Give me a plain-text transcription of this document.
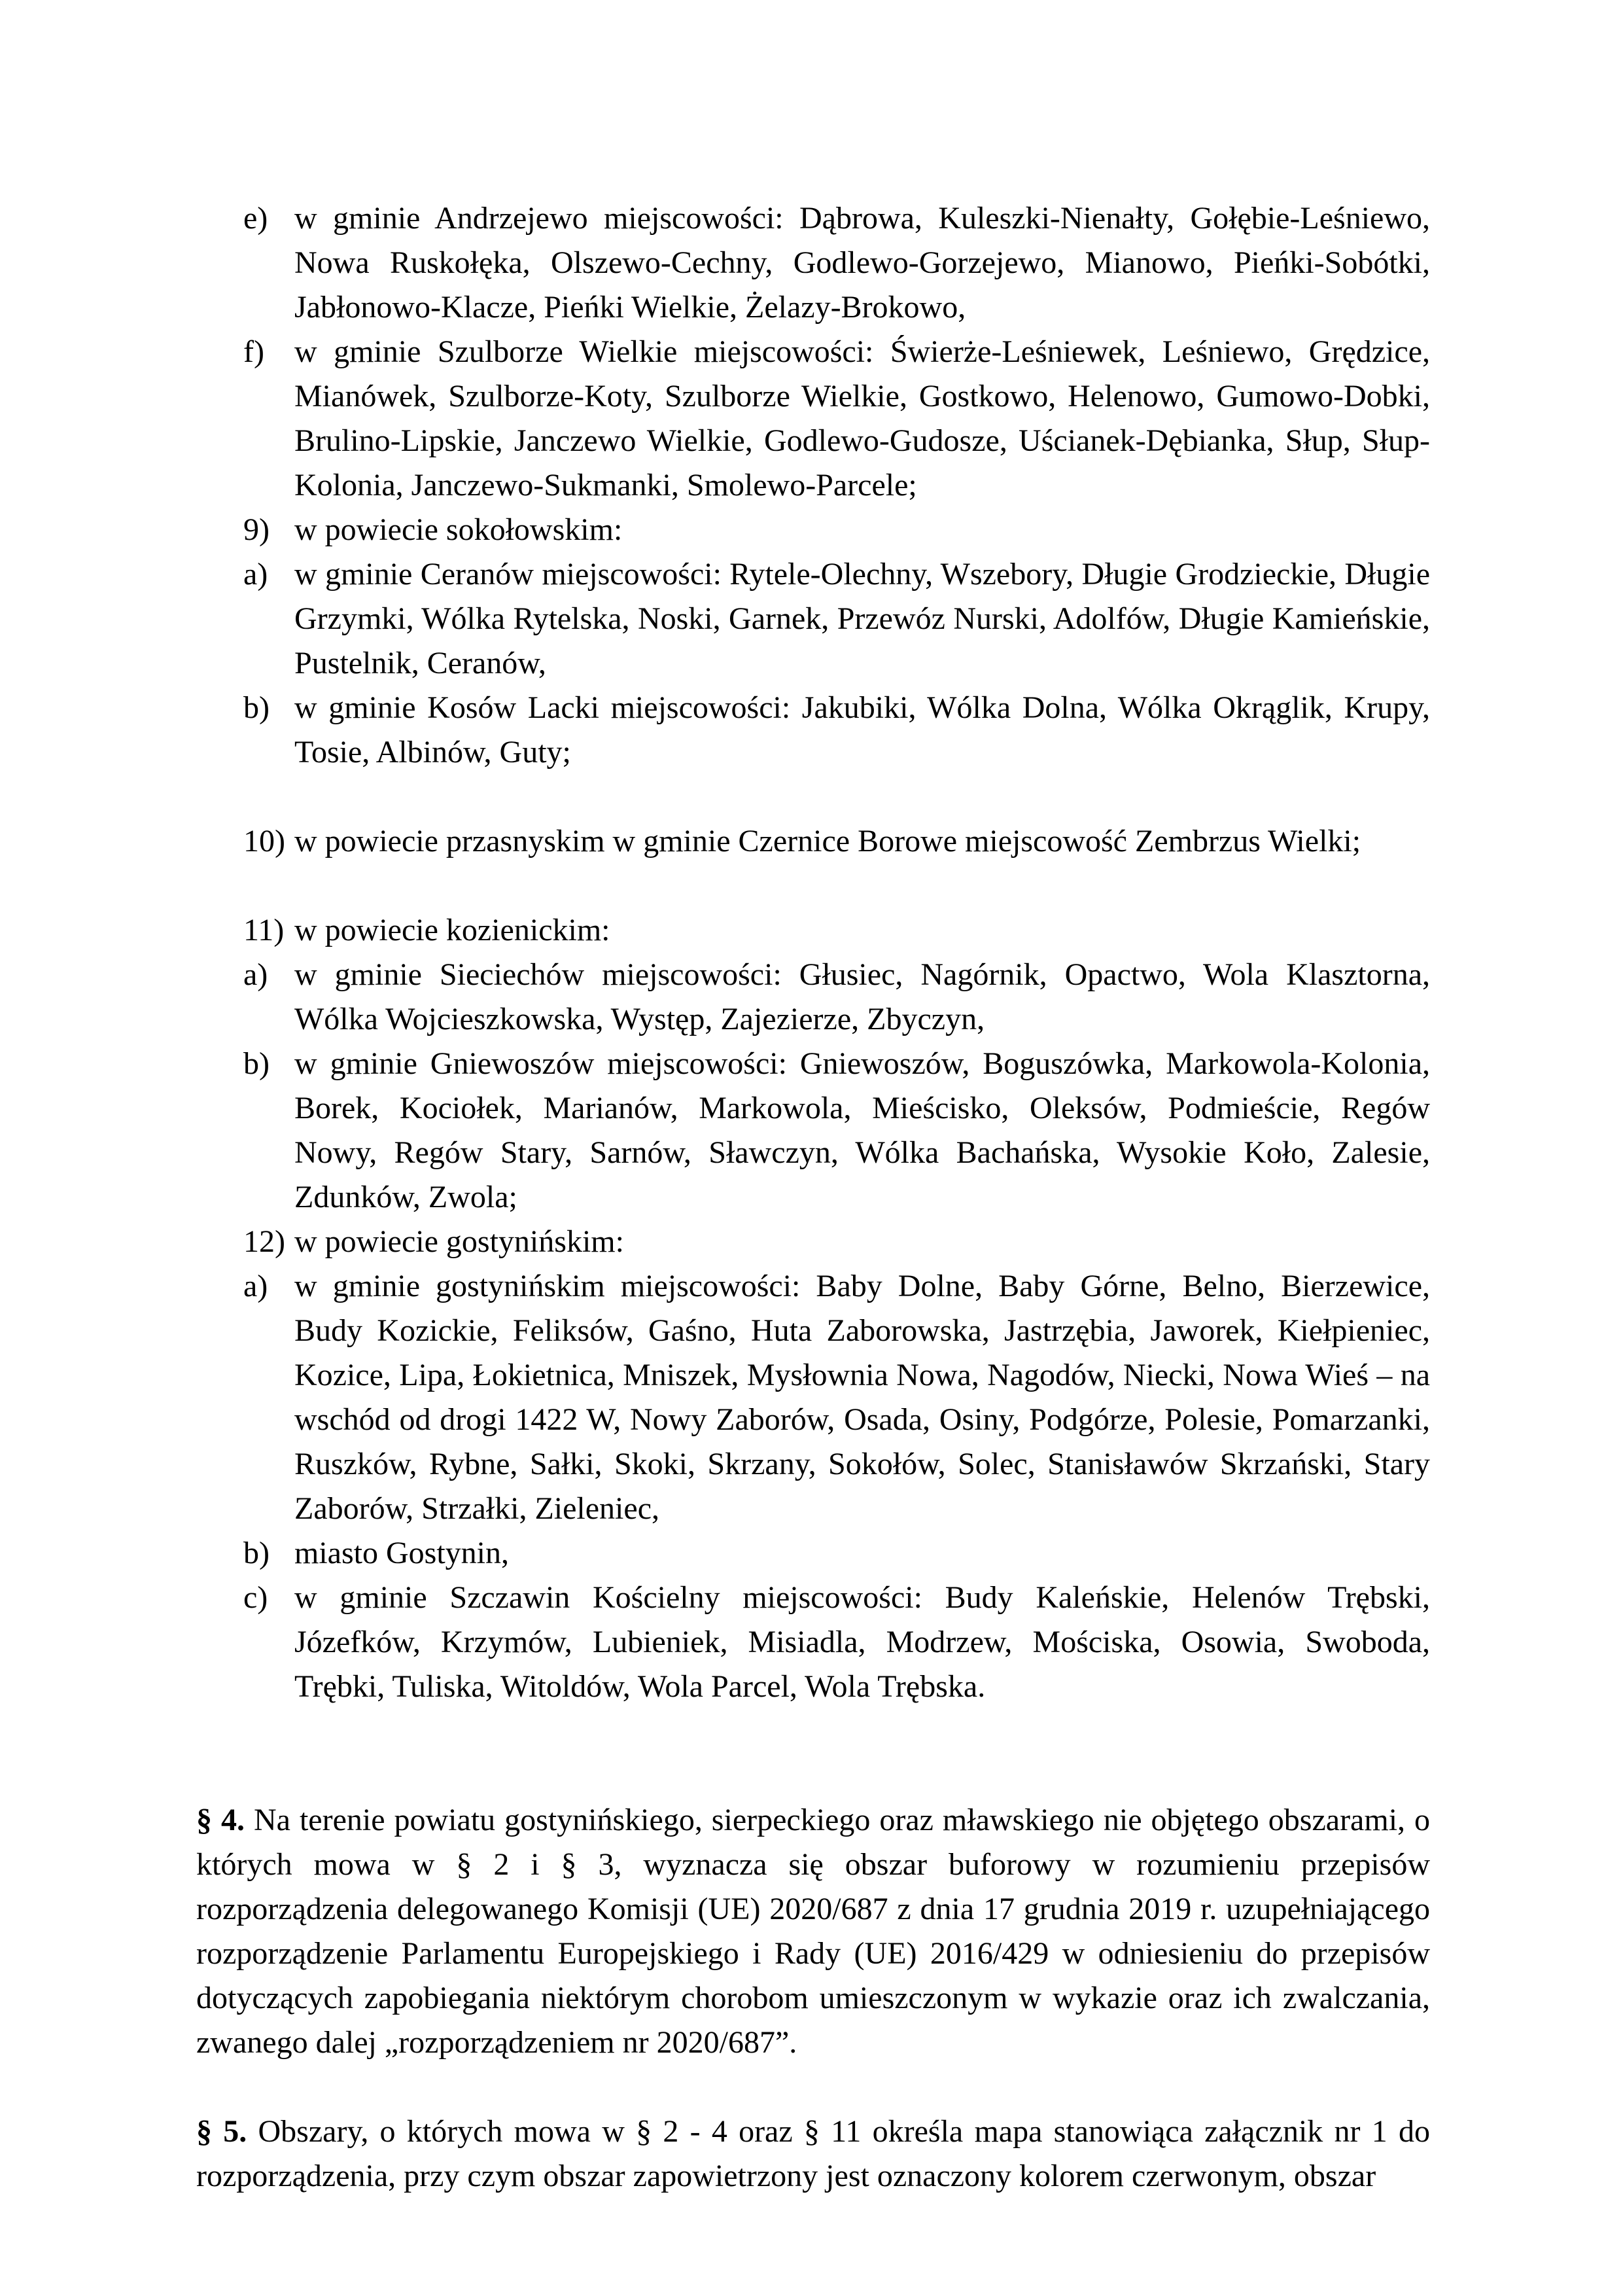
e) w gminie Andrzejewo miejscowości: Dąbrowa, Kuleszki-Nienałty, Gołębie-Leśniewo, Nowa Ruskołęka, Olszewo-Cechny, Godlewo-Gorzejewo, Mianowo, Pieńki-Sobótki, Jabłonowo-Klacze, Pieńki Wielkie, Żelazy-Brokowo,
f) w gminie Szulborze Wielkie miejscowości: Świerże-Leśniewek, Leśniewo, Grędzice, Mianówek, Szulborze-Koty, Szulborze Wielkie, Gostkowo, Helenowo, Gumowo-Dobki, Brulino-Lipskie, Janczewo Wielkie, Godlewo-Gudosze, Uścianek-Dębianka, Słup, Słup-Kolonia, Janczewo-Sukmanki, Smolewo-Parcele;
9) w powiecie sokołowskim:
a) w gminie Ceranów miejscowości: Rytele-Olechny, Wszebory, Długie Grodzieckie, Długie Grzymki, Wólka Rytelska, Noski, Garnek, Przewóz Nurski, Adolfów, Długie Kamieńskie, Pustelnik, Ceranów,
b) w gminie Kosów Lacki miejscowości: Jakubiki, Wólka Dolna, Wólka Okrąglik, Krupy, Tosie, Albinów, Guty;
10) w powiecie przasnyskim w gminie Czernice Borowe miejscowość Zembrzus Wielki;
11) w powiecie kozienickim:
a) w gminie Sieciechów miejscowości: Głusiec, Nagórnik, Opactwo, Wola Klasztorna, Wólka Wojcieszkowska, Występ, Zajezierze, Zbyczyn,
b) w gminie Gniewoszów miejscowości: Gniewoszów, Boguszówka, Markowola-Kolonia, Borek, Kociołek, Marianów, Markowola, Mieścisko, Oleksów, Podmieście, Regów Nowy, Regów Stary, Sarnów, Sławczyn, Wólka Bachańska, Wysokie Koło, Zalesie, Zdunków, Zwola;
12) w powiecie gostynińskim:
a) w gminie gostynińskim miejscowości: Baby Dolne, Baby Górne, Belno, Bierzewice, Budy Kozickie, Feliksów, Gaśno, Huta Zaborowska, Jastrzębia, Jaworek, Kiełpieniec, Kozice, Lipa, Łokietnica, Mniszek, Mysłownia Nowa, Nagodów, Niecki, Nowa Wieś – na wschód od drogi 1422 W, Nowy Zaborów, Osada, Osiny, Podgórze, Polesie, Pomarzanki, Ruszków, Rybne, Sałki, Skoki, Skrzany, Sokołów, Solec, Stanisławów Skrzański, Stary Zaborów, Strzałki, Zieleniec,
b) miasto Gostynin,
c) w gminie Szczawin Kościelny miejscowości: Budy Kaleńskie, Helenów Trębski, Józefków, Krzymów, Lubieniek, Misiadla, Modrzew, Mościska, Osowia, Swoboda, Trębki, Tuliska, Witoldów, Wola Parcel, Wola Trębska.
§ 4. Na terenie powiatu gostynińskiego, sierpeckiego oraz mławskiego nie objętego obszarami, o których mowa w § 2 i § 3, wyznacza się obszar buforowy w rozumieniu przepisów rozporządzenia delegowanego Komisji (UE) 2020/687 z dnia 17 grudnia 2019 r. uzupełniającego rozporządzenie Parlamentu Europejskiego i Rady (UE) 2016/429 w odniesieniu do przepisów dotyczących zapobiegania niektórym chorobom umieszczonym w wykazie oraz ich zwalczania, zwanego dalej „rozporządzeniem nr 2020/687”.
§ 5. Obszary, o których mowa w § 2 - 4 oraz § 11 określa mapa stanowiąca załącznik nr 1 do rozporządzenia, przy czym obszar zapowietrzony jest oznaczony kolorem czerwonym, obszar
